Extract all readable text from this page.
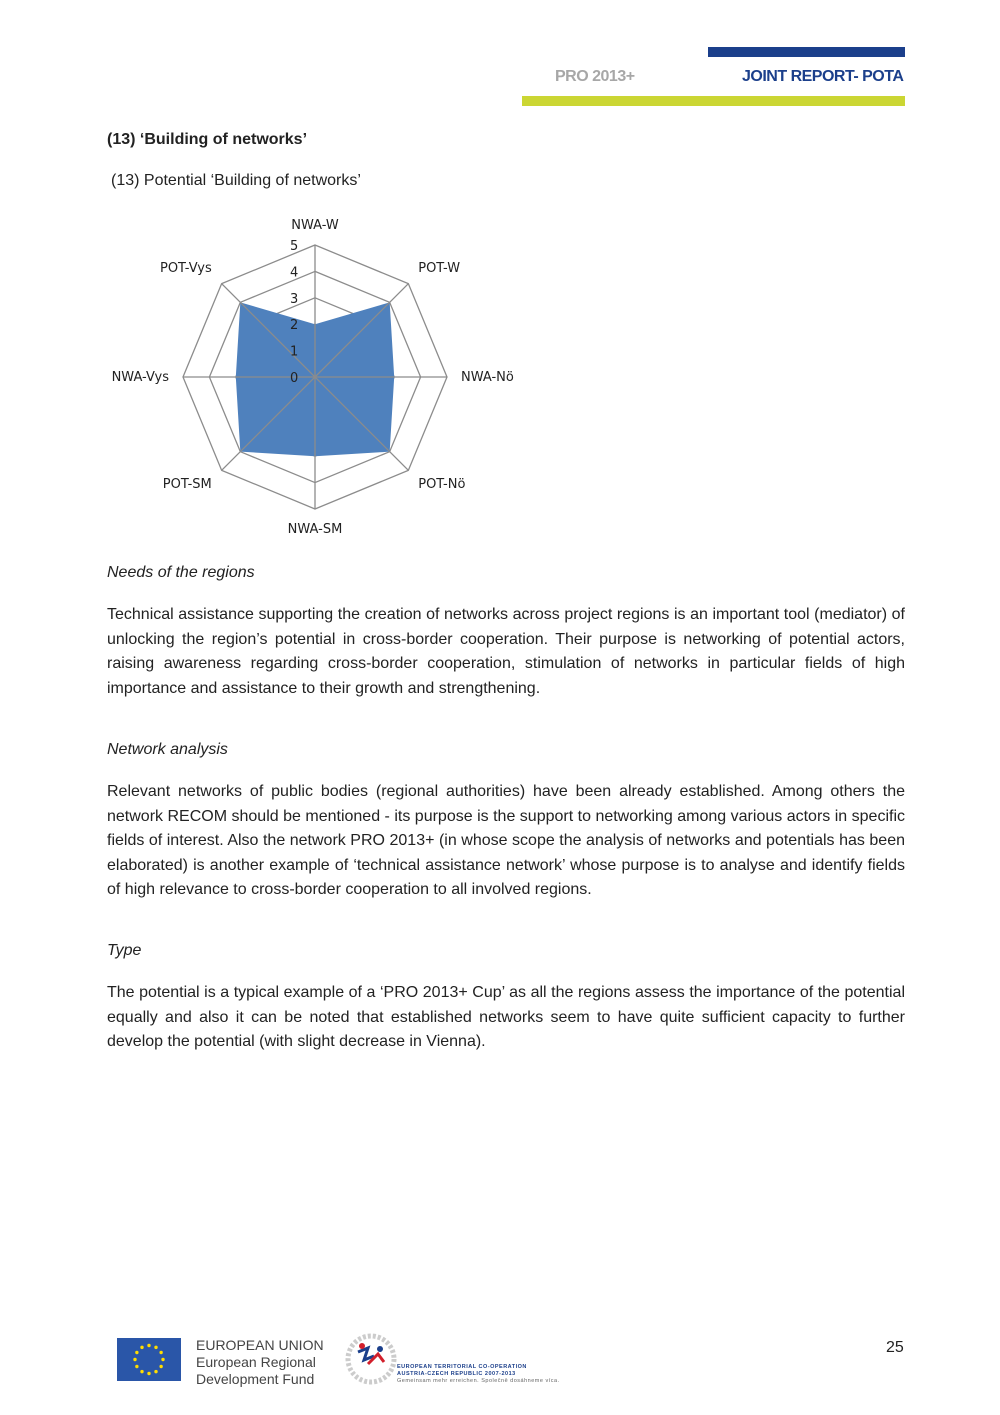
PRO 2013+	JOINT REPORT- POTA
(13) ‘Building of networks’
(13) Potential ‘Building of networks’
0
1
2
3
4
5
NWA-W
POT-W
NWA-Nö
POT-Nö
NWA-SM
POT-SM
NWA-Vys
POT-Vys
Needs of the regions
Technical assistance supporting the creation of networks across project regions is an important tool (mediator) of unlocking the region’s potential in cross-border cooperation. Their purpose is networking of potential actors, raising awareness regarding cross-border cooperation, stimulation of networks in particular fields of high importance and assistance to their growth and strengthening.
Network analysis
Relevant networks of public bodies (regional authorities) have been already established. Among others the network RECOM should be mentioned - its purpose is the support to networking among various actors in specific fields of interest. Also the network PRO 2013+ (in whose scope the analysis of networks and potentials has been elaborated) is another example of ‘technical assistance network’ whose purpose is to analyse and identify fields of high relevance to cross-border cooperation to all involved regions.
Type
The potential is a typical example of a ‘PRO 2013+ Cup’ as all the regions assess the importance of the potential equally and also it can be noted that established networks seem to have quite sufficient capacity to further develop the potential (with slight decrease in Vienna).
EUROPEAN UNION
European Regional
Development Fund
EUROPEAN TERRITORIAL CO-OPERATION
AUSTRIA-CZECH REPUBLIC 2007-2013
Gemeinsam mehr erreichen. Společně dosáhneme víca.
25
